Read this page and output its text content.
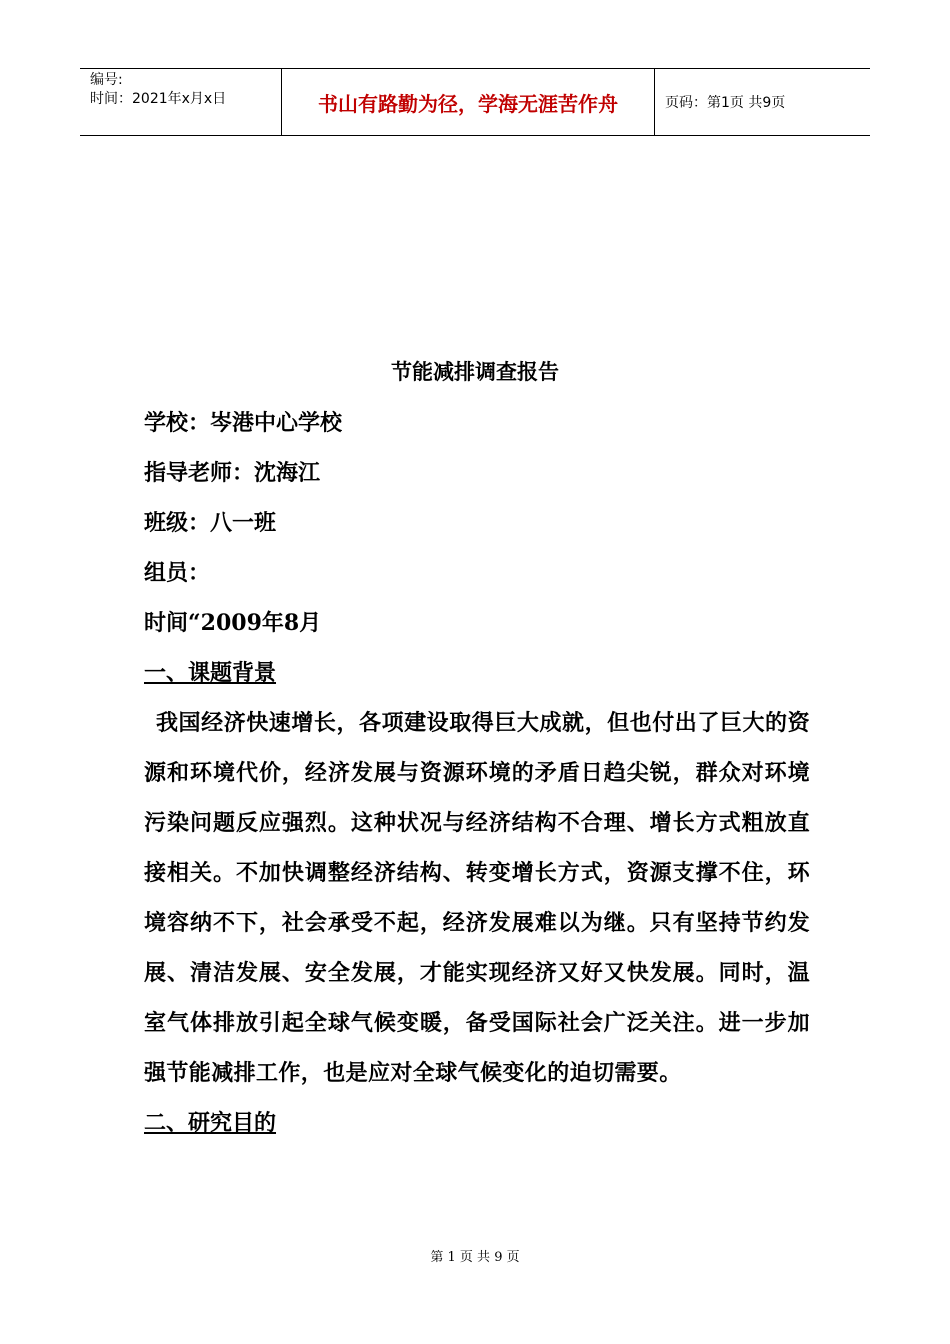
编号:
时间：2021年x月x日	书山有路勤为径，学海无涯苦作舟	页码：第1页 共9页
节能减排调查报告
学校：岑港中心学校
指导老师：沈海江
班级：八一班
组员：
时间“2009年8月
一、课题背景
我国经济快速增长，各项建设取得巨大成就，但也付出了巨大的资源和环境代价，经济发展与资源环境的矛盾日趋尖锐，群众对环境污染问题反应强烈。这种状况与经济结构不合理、增长方式粗放直接相关。不加快调整经济结构、转变增长方式，资源支撑不住，环境容纳不下，社会承受不起，经济发展难以为继。只有坚持节约发展、清洁发展、安全发展，才能实现经济又好又快发展。同时，温室气体排放引起全球气候变暖，备受国际社会广泛关注。进一步加强节能减排工作，也是应对全球气候变化的迫切需要。
二、研究目的
第 1 页 共 9 页
